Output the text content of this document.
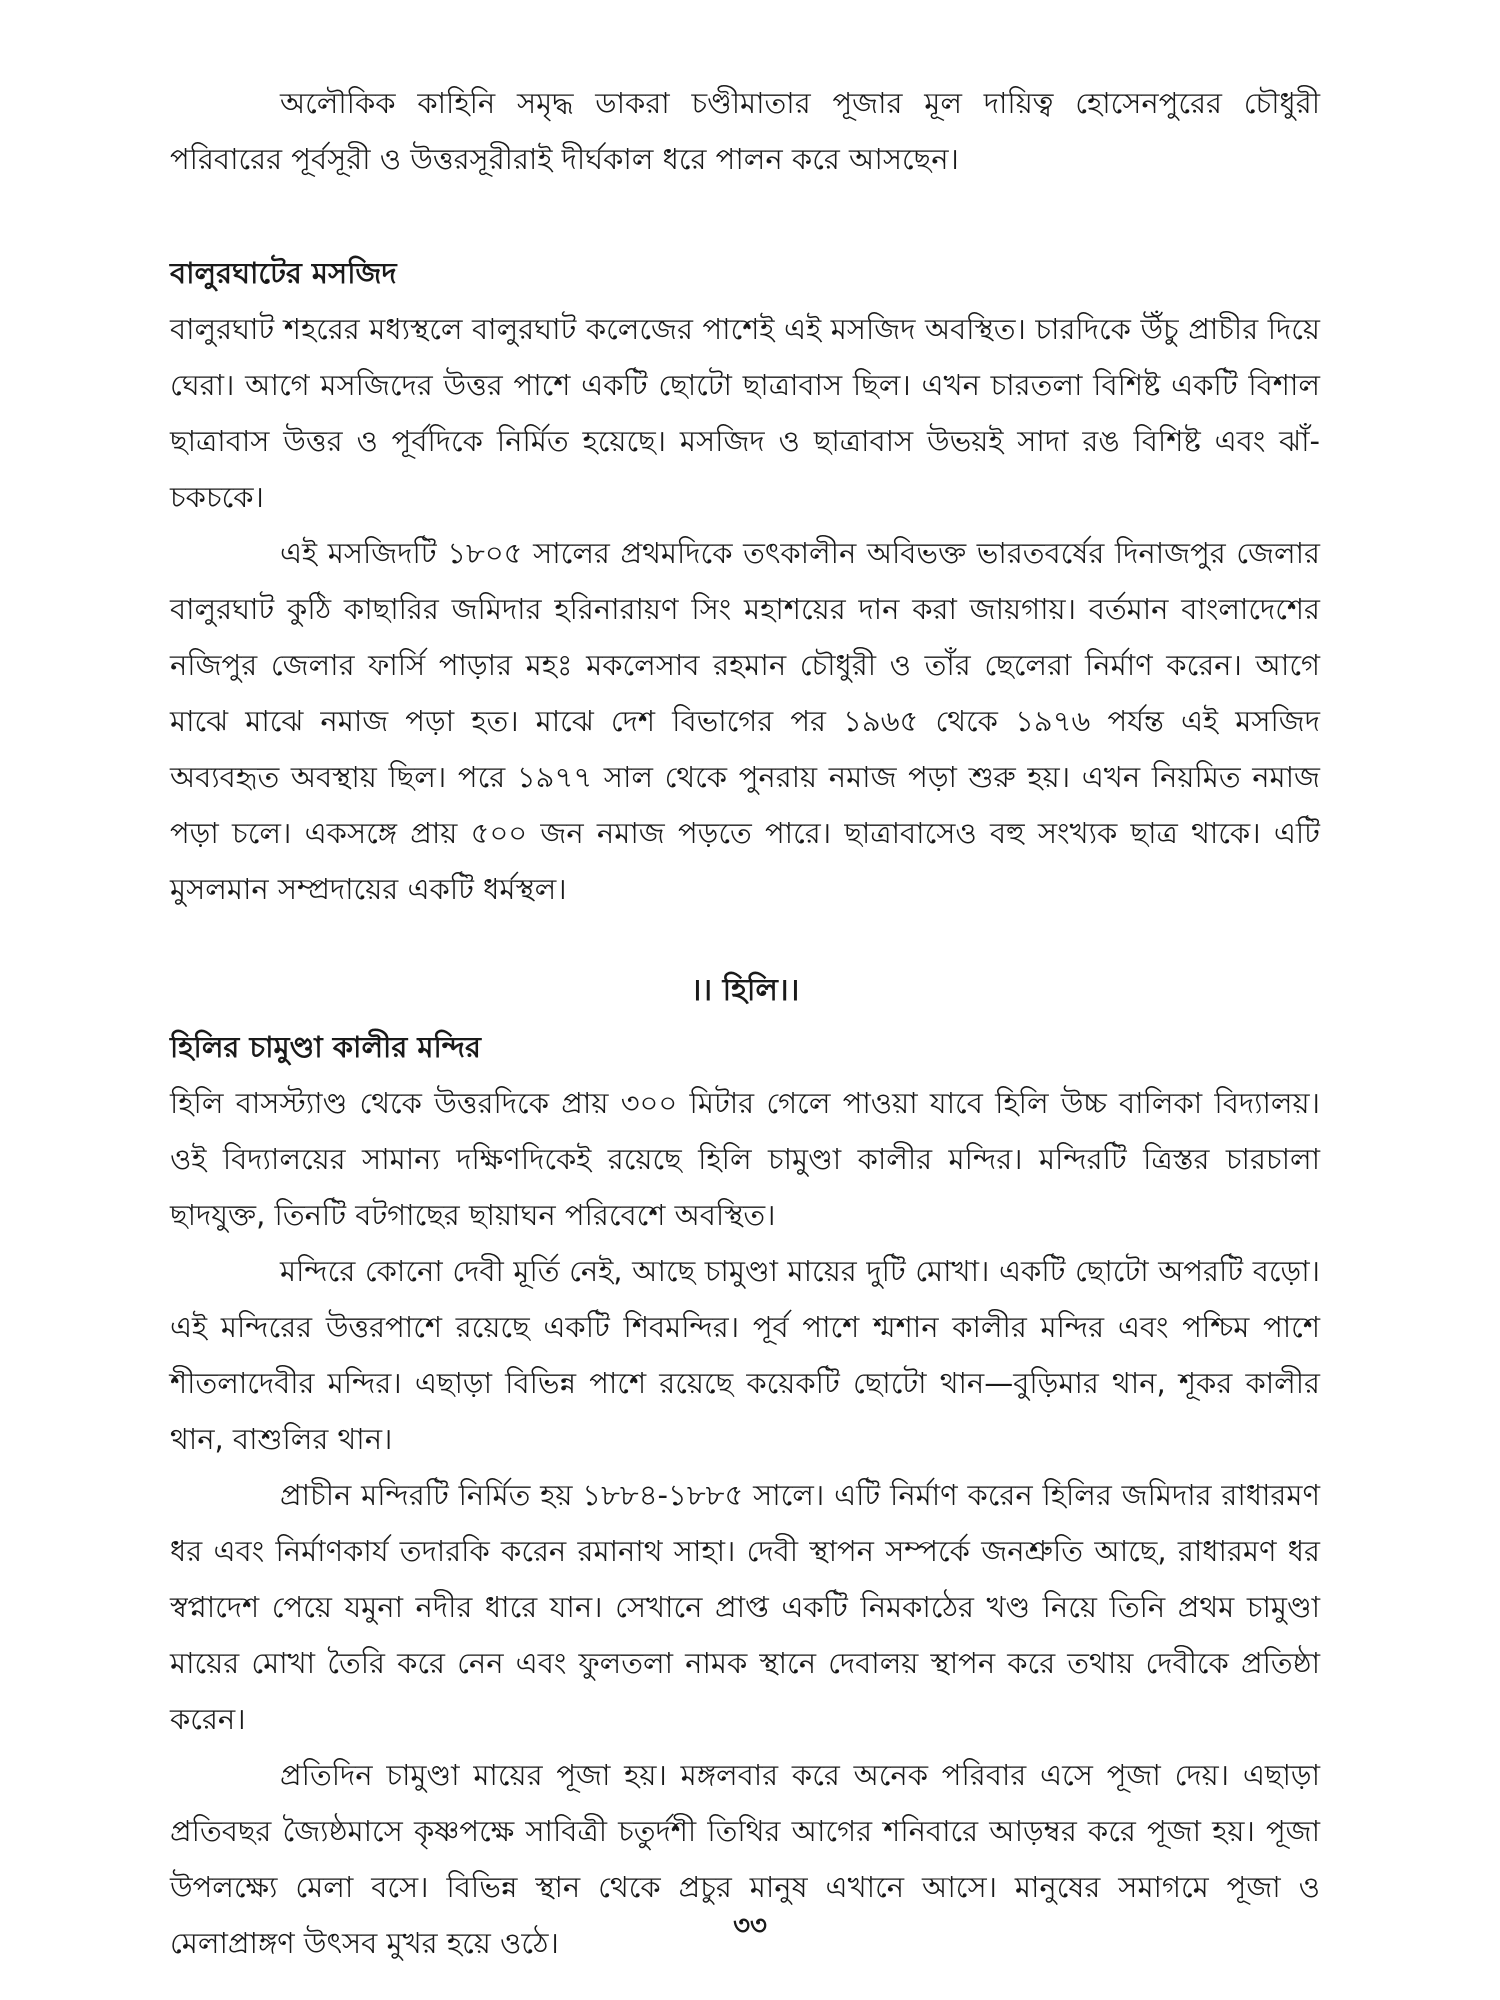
অলৌকিক কাহিনি সমৃদ্ধ ডাকরা চণ্ডীমাতার পূজার মূল দায়িত্ব হোসেনপুরের চৌধুরী পরিবারের পূর্বসূরী ও উত্তরসূরীরাই দীর্ঘকাল ধরে পালন করে আসছেন।

বালুরঘাটের মসজিদ

বালুরঘাট শহরের মধ্যস্থলে বালুরঘাট কলেজের পাশেই এই মসজিদ অবস্থিত। চারদিকে উঁচু প্রাচীর দিয়ে ঘেরা। আগে মসজিদের উত্তর পাশে একটি ছোটো ছাত্রাবাস ছিল। এখন চারতলা বিশিষ্ট একটি বিশাল ছাত্রাবাস উত্তর ও পূর্বদিকে নির্মিত হয়েছে। মসজিদ ও ছাত্রাবাস উভয়ই সাদা রঙ বিশিষ্ট এবং ঝাঁ-চকচকে।

এই মসজিদটি ১৮০৫ সালের প্রথমদিকে তৎকালীন অবিভক্ত ভারতবর্ষের দিনাজপুর জেলার বালুরঘাট কুঠি কাছারির জমিদার হরিনারায়ণ সিং মহাশয়ের দান করা জায়গায়। বর্তমান বাংলাদেশের নজিপুর জেলার ফার্সি পাড়ার মহঃ মকলেসাব রহমান চৌধুরী ও তাঁর ছেলেরা নির্মাণ করেন। আগে মাঝে মাঝে নমাজ পড়া হত। মাঝে দেশ বিভাগের পর ১৯৬৫ থেকে ১৯৭৬ পর্যন্ত এই মসজিদ অব্যবহৃত অবস্থায় ছিল। পরে ১৯৭৭ সাল থেকে পুনরায় নমাজ পড়া শুরু হয়। এখন নিয়মিত নমাজ পড়া চলে। একসঙ্গে প্রায় ৫০০ জন নমাজ পড়তে পারে। ছাত্রাবাসেও বহু সংখ্যক ছাত্র থাকে। এটি মুসলমান সম্প্রদায়ের একটি ধর্মস্থল।

।। হিলি।।
হিলির চামুণ্ডা কালীর মন্দির

হিলি বাসস্ট্যাণ্ড থেকে উত্তরদিকে প্রায় ৩০০ মিটার গেলে পাওয়া যাবে হিলি উচ্চ বালিকা বিদ্যালয়। ওই বিদ্যালয়ের সামান্য দক্ষিণদিকেই রয়েছে হিলি চামুণ্ডা কালীর মন্দির। মন্দিরটি ত্রিস্তর চারচালা ছাদযুক্ত, তিনটি বটগাছের ছায়াঘন পরিবেশে অবস্থিত।

মন্দিরে কোনো দেবী মূর্তি নেই, আছে চামুণ্ডা মায়ের দুটি মোখা। একটি ছোটো অপরটি বড়ো। এই মন্দিরের উত্তরপাশে রয়েছে একটি শিবমন্দির। পূর্ব পাশে শ্মশান কালীর মন্দির এবং পশ্চিম পাশে শীতলাদেবীর মন্দির। এছাড়া বিভিন্ন পাশে রয়েছে কয়েকটি ছোটো থান—বুড়িমার থান, শূকর কালীর থান, বাশুলির থান।

প্রাচীন মন্দিরটি নির্মিত হয় ১৮৮৪-১৮৮৫ সালে। এটি নির্মাণ করেন হিলির জমিদার রাধারমণ ধর এবং নির্মাণকার্য তদারকি করেন রমানাথ সাহা। দেবী স্থাপন সম্পর্কে জনশ্রুতি আছে, রাধারমণ ধর স্বপ্নাদেশ পেয়ে যমুনা নদীর ধারে যান। সেখানে প্রাপ্ত একটি নিমকাঠের খণ্ড নিয়ে তিনি প্রথম চামুণ্ডা মায়ের মোখা তৈরি করে নেন এবং ফুলতলা নামক স্থানে দেবালয় স্থাপন করে তথায় দেবীকে প্রতিষ্ঠা করেন।

প্রতিদিন চামুণ্ডা মায়ের পূজা হয়। মঙ্গলবার করে অনেক পরিবার এসে পূজা দেয়। এছাড়া প্রতিবছর জ্যৈষ্ঠমাসে কৃষ্ণপক্ষে সাবিত্রী চতুর্দশী তিথির আগের শনিবারে আড়ম্বর করে পূজা হয়। পূজা উপলক্ষ্যে মেলা বসে। বিভিন্ন স্থান থেকে প্রচুর মানুষ এখানে আসে। মানুষের সমাগমে পূজা ও মেলাপ্রাঙ্গণ উৎসব মুখর হয়ে ওঠে।	৩৩
